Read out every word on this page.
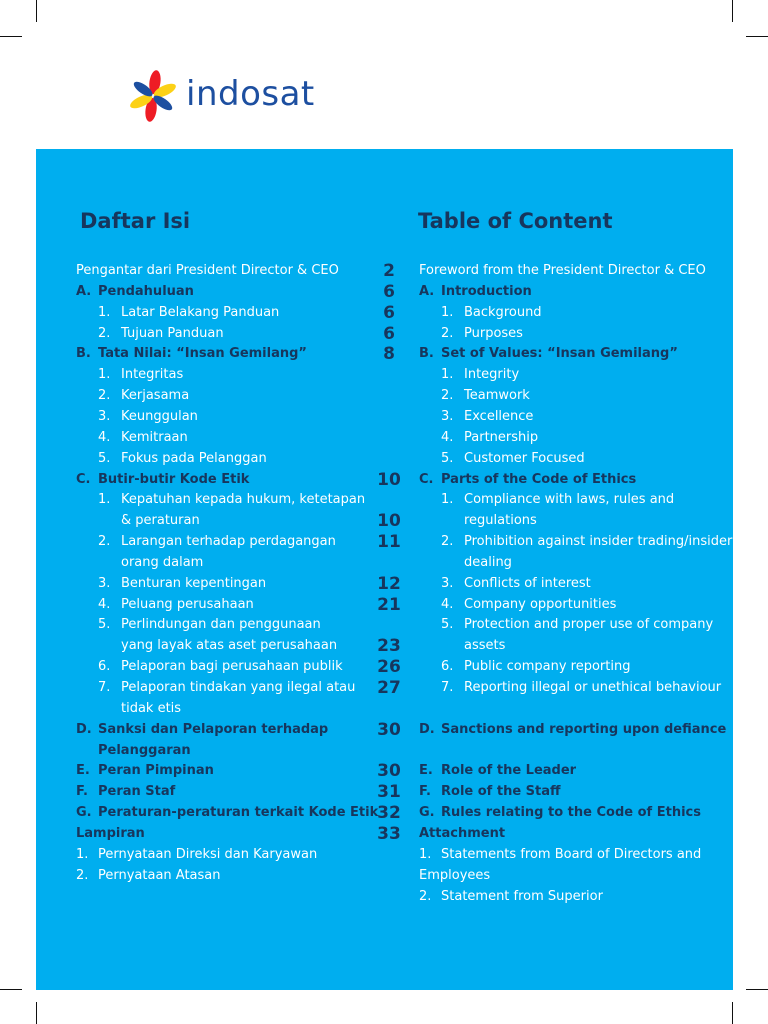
indosat
Daftar Isi	Table of Content
Pengantar dari President Director & CEO
A. Pendahuluan
1. Latar Belakang Panduan
2. Tujuan Panduan
B. Tata Nilai: “Insan Gemilang”
1. Integritas
2. Kerjasama
3. Keunggulan
4. Kemitraan
5. Fokus pada Pelanggan
C. Butir-butir Kode Etik
1. Kepatuhan kepada hukum, ketetapan
& peraturan
2. Larangan terhadap perdagangan
orang dalam
3. Benturan kepentingan
4. Peluang perusahaan
5. Perlindungan dan penggunaan
yang layak atas aset perusahaan
6. Pelaporan bagi perusahaan publik
7. Pelaporan tindakan yang ilegal atau
tidak etis
D. Sanksi dan Pelaporan terhadap
Pelanggaran
E. Peran Pimpinan
F. Peran Staf
G. Peraturan-peraturan terkait Kode Etik
Lampiran
1. Pernyataan Direksi dan Karyawan
2. Pernyataan Atasan
2
6
6
6
8
10
10
11
12
21
23
26
27
30
30
31
32
33
Foreword from the President Director & CEO
A. Introduction
1. Background
2. Purposes
B. Set of Values: “Insan Gemilang”
1. Integrity
2. Teamwork
3. Excellence
4. Partnership
5. Customer Focused
C. Parts of the Code of Ethics
1. Compliance with laws, rules and
regulations
2. Prohibition against insider trading/insider
dealing
3. Conflicts of interest
4. Company opportunities
5. Protection and proper use of company
assets
6. Public company reporting
7. Reporting illegal or unethical behaviour
D. Sanctions and reporting upon defiance
E. Role of the Leader
F. Role of the Staff
G. Rules relating to the Code of Ethics
Attachment
1. Statements from Board of Directors and
Employees
2. Statement from Superior
